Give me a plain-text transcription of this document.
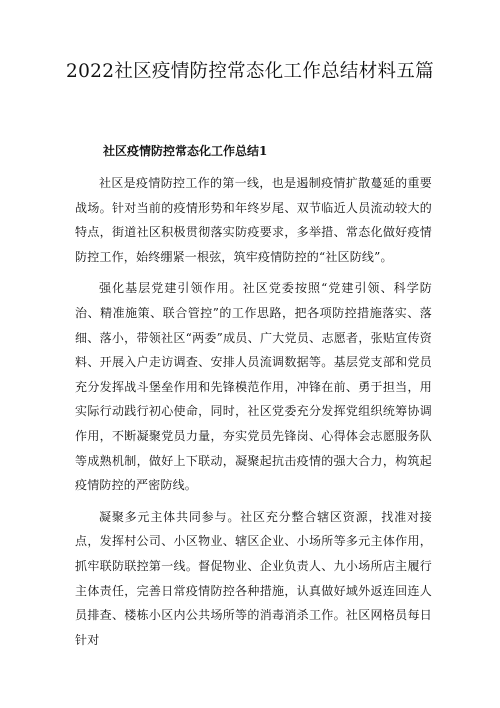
2022社区疫情防控常态化工作总结材料五篇
社区疫情防控常态化工作总结1

社区是疫情防控工作的第一线，也是遏制疫情扩散蔓延的重要战场。针对当前的疫情形势和年终岁尾、双节临近人员流动较大的特点，街道社区积极贯彻落实防疫要求，多举措、常态化做好疫情防控工作，始终绷紧一根弦，筑牢疫情防控的“社区防线”。

强化基层党建引领作用。社区党委按照“党建引领、科学防治、精准施策、联合管控”的工作思路，把各项防控措施落实、落细、落小，带领社区“两委”成员、广大党员、志愿者，张贴宣传资料、开展入户走访调查、安排人员流调数据等。基层党支部和党员充分发挥战斗堡垒作用和先锋模范作用，冲锋在前、勇于担当，用实际行动践行初心使命，同时，社区党委充分发挥党组织统筹协调作用，不断凝聚党员力量，夯实党员先锋岗、心得体会志愿服务队等成熟机制，做好上下联动，凝聚起抗击疫情的强大合力，构筑起疫情防控的严密防线。

凝聚多元主体共同参与。社区充分整合辖区资源，找准对接点，发挥村公司、小区物业、辖区企业、小场所等多元主体作用，抓牢联防联控第一线。督促物业、企业负责人、九小场所店主履行主体责任，完善日常疫情防控各种措施，认真做好域外返连回连人员排查、楼栋小区内公共场所等的消毒消杀工作。社区网格员每日针对
